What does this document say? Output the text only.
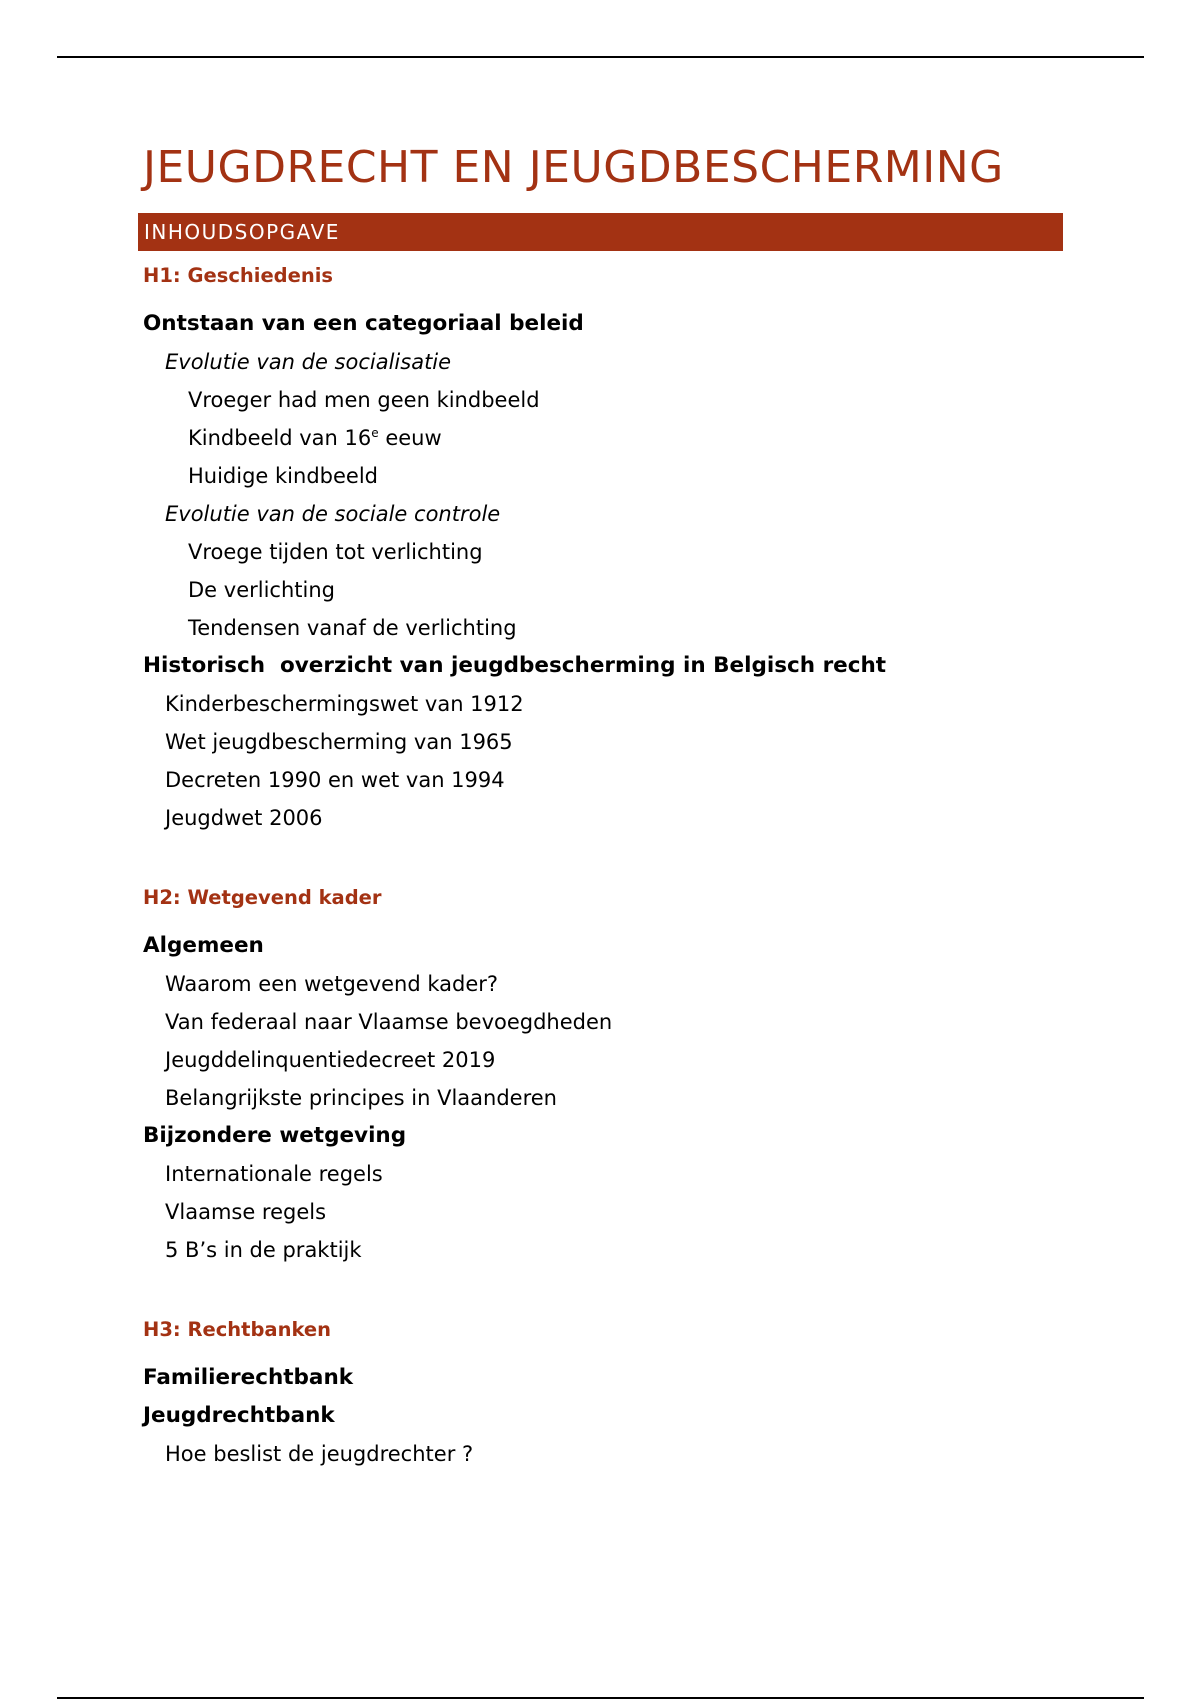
JEUGDRECHT EN JEUGDBESCHERMING
INHOUDSOPGAVE
H1: Geschiedenis
Ontstaan van een categoriaal beleid
Evolutie van de socialisatie
Vroeger had men geen kindbeeld
Kindbeeld van 16e eeuw
Huidige kindbeeld
Evolutie van de sociale controle
Vroege tijden tot verlichting
De verlichting
Tendensen vanaf de verlichting
Historisch  overzicht van jeugdbescherming in Belgisch recht
Kinderbeschermingswet van 1912
Wet jeugdbescherming van 1965
Decreten 1990 en wet van 1994
Jeugdwet 2006
H2: Wetgevend kader
Algemeen
Waarom een wetgevend kader?
Van federaal naar Vlaamse bevoegdheden
Jeugddelinquentiedecreet 2019
Belangrijkste principes in Vlaanderen
Bijzondere wetgeving
Internationale regels
Vlaamse regels
5 B’s in de praktijk
H3: Rechtbanken
Familierechtbank
Jeugdrechtbank
Hoe beslist de jeugdrechter ?
